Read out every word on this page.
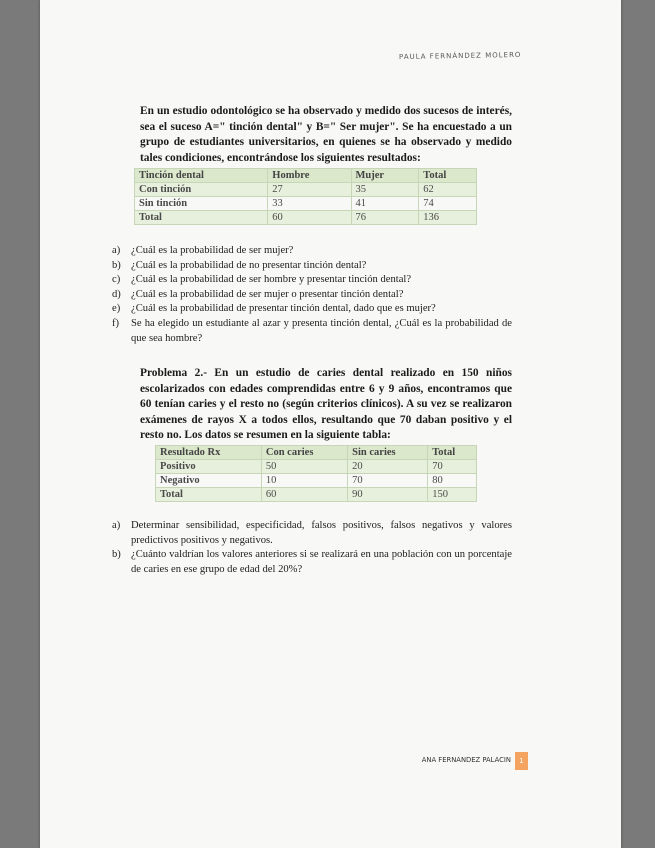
PAULA FERNÁNDEZ MOLERO
En un estudio odontológico se ha observado y medido dos sucesos de interés, sea el suceso A=" tinción dental" y B=" Ser mujer". Se ha encuestado a un grupo de estudiantes universitarios, en quienes se ha observado y medido tales condiciones, encontrándose los siguientes resultados:
Tinción dental	Hombre	Mujer	Total
Con tinción	27	35	62
Sin tinción	33	41	74
Total	60	76	136
a) ¿Cuál es la probabilidad de ser mujer?
b) ¿Cuál es la probabilidad de no presentar tinción dental?
c) ¿Cuál es la probabilidad de ser hombre y presentar tinción dental?
d) ¿Cuál es la probabilidad de ser mujer o presentar tinción dental?
e) ¿Cuál es la probabilidad de presentar tinción dental, dado que es mujer?
f) Se ha elegido un estudiante al azar y presenta tinción dental, ¿Cuál es la probabilidad de que sea hombre?
Problema 2.- En un estudio de caries dental realizado en 150 niños escolarizados con edades comprendidas entre 6 y 9 años, encontramos que 60 tenían caries y el resto no (según criterios clínicos). A su vez se realizaron exámenes de rayos X a todos ellos, resultando que 70 daban positivo y el resto no. Los datos se resumen en la siguiente tabla:
Resultado Rx	Con caries	Sin caries	Total
Positivo	50	20	70
Negativo	10	70	80
Total	60	90	150
a) Determinar sensibilidad, especificidad, falsos positivos, falsos negativos y valores predictivos positivos y negativos.
b) ¿Cuánto valdrían los valores anteriores si se realizará en una población con un porcentaje de caries en ese grupo de edad del 20%?
ANA FERNANDEZ PALACIN	1
